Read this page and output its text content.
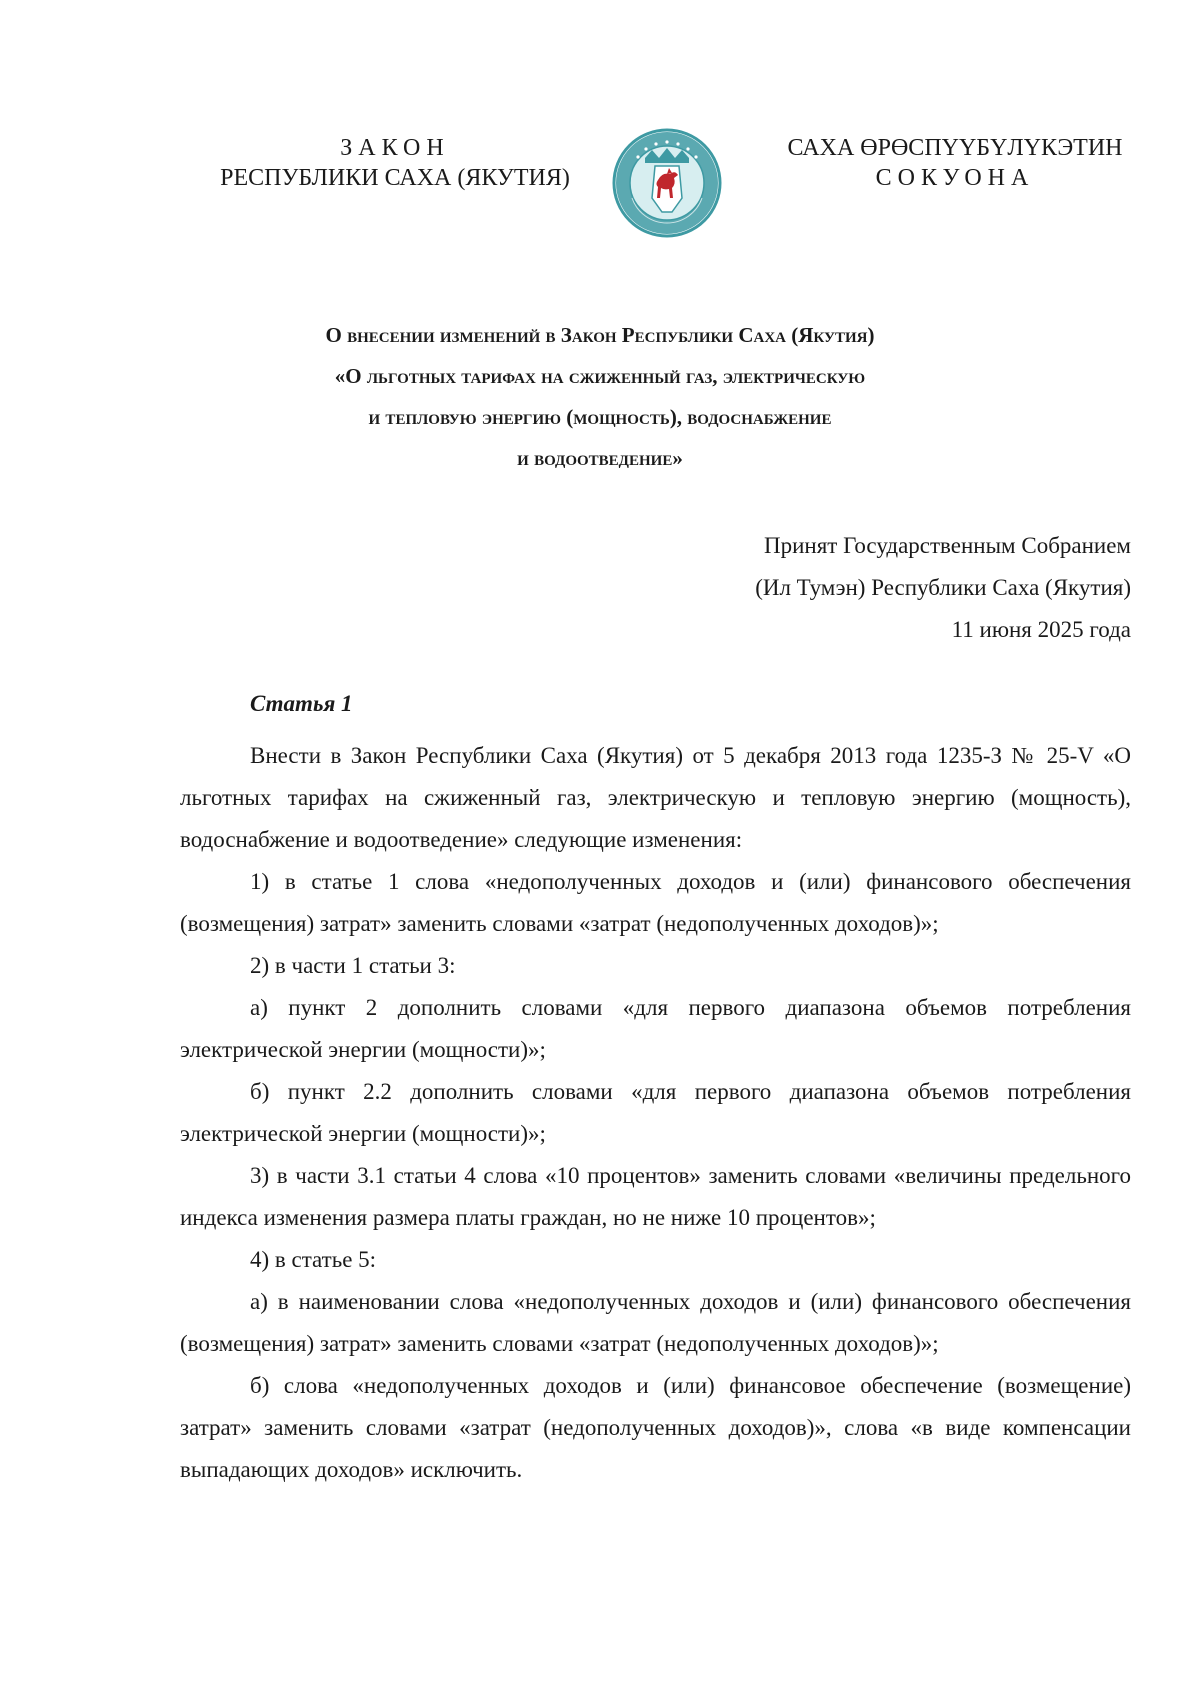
ЗАКОН
РЕСПУБЛИКИ САХА (ЯКУТИЯ)
САХА ӨРӨСПҮҮБҮЛҮКЭТИН
СОКУОНА
О внесении изменений в Закон Республики Саха (Якутия)
«О льготных тарифах на сжиженный газ, электрическую
и тепловую энергию (мощность), водоснабжение
и водоотведение»
Принят Государственным Собранием
(Ил Тумэн) Республики Саха (Якутия)
11 июня 2025 года
Статья 1

Внести в Закон Республики Саха (Якутия) от 5 декабря 2013 года 1235-З № 25-V «О льготных тарифах на сжиженный газ, электрическую и тепловую энергию (мощность), водоснабжение и водоотведение» следующие изменения:

1) в статье 1 слова «недополученных доходов и (или) финансового обеспечения (возмещения) затрат» заменить словами «затрат (недополученных доходов)»;

2) в части 1 статьи 3:

а) пункт 2 дополнить словами «для первого диапазона объемов потребления электрической энергии (мощности)»;

б) пункт 2.2 дополнить словами «для первого диапазона объемов потребления электрической энергии (мощности)»;

3) в части 3.1 статьи 4 слова «10 процентов» заменить словами «величины предельного индекса изменения размера платы граждан, но не ниже 10 процентов»;

4) в статье 5:

а) в наименовании слова «недополученных доходов и (или) финансового обеспечения (возмещения) затрат» заменить словами «затрат (недополученных доходов)»;

б) слова «недополученных доходов и (или) финансовое обеспечение (возмещение) затрат» заменить словами «затрат (недополученных доходов)», слова «в виде компенсации выпадающих доходов» исключить.
